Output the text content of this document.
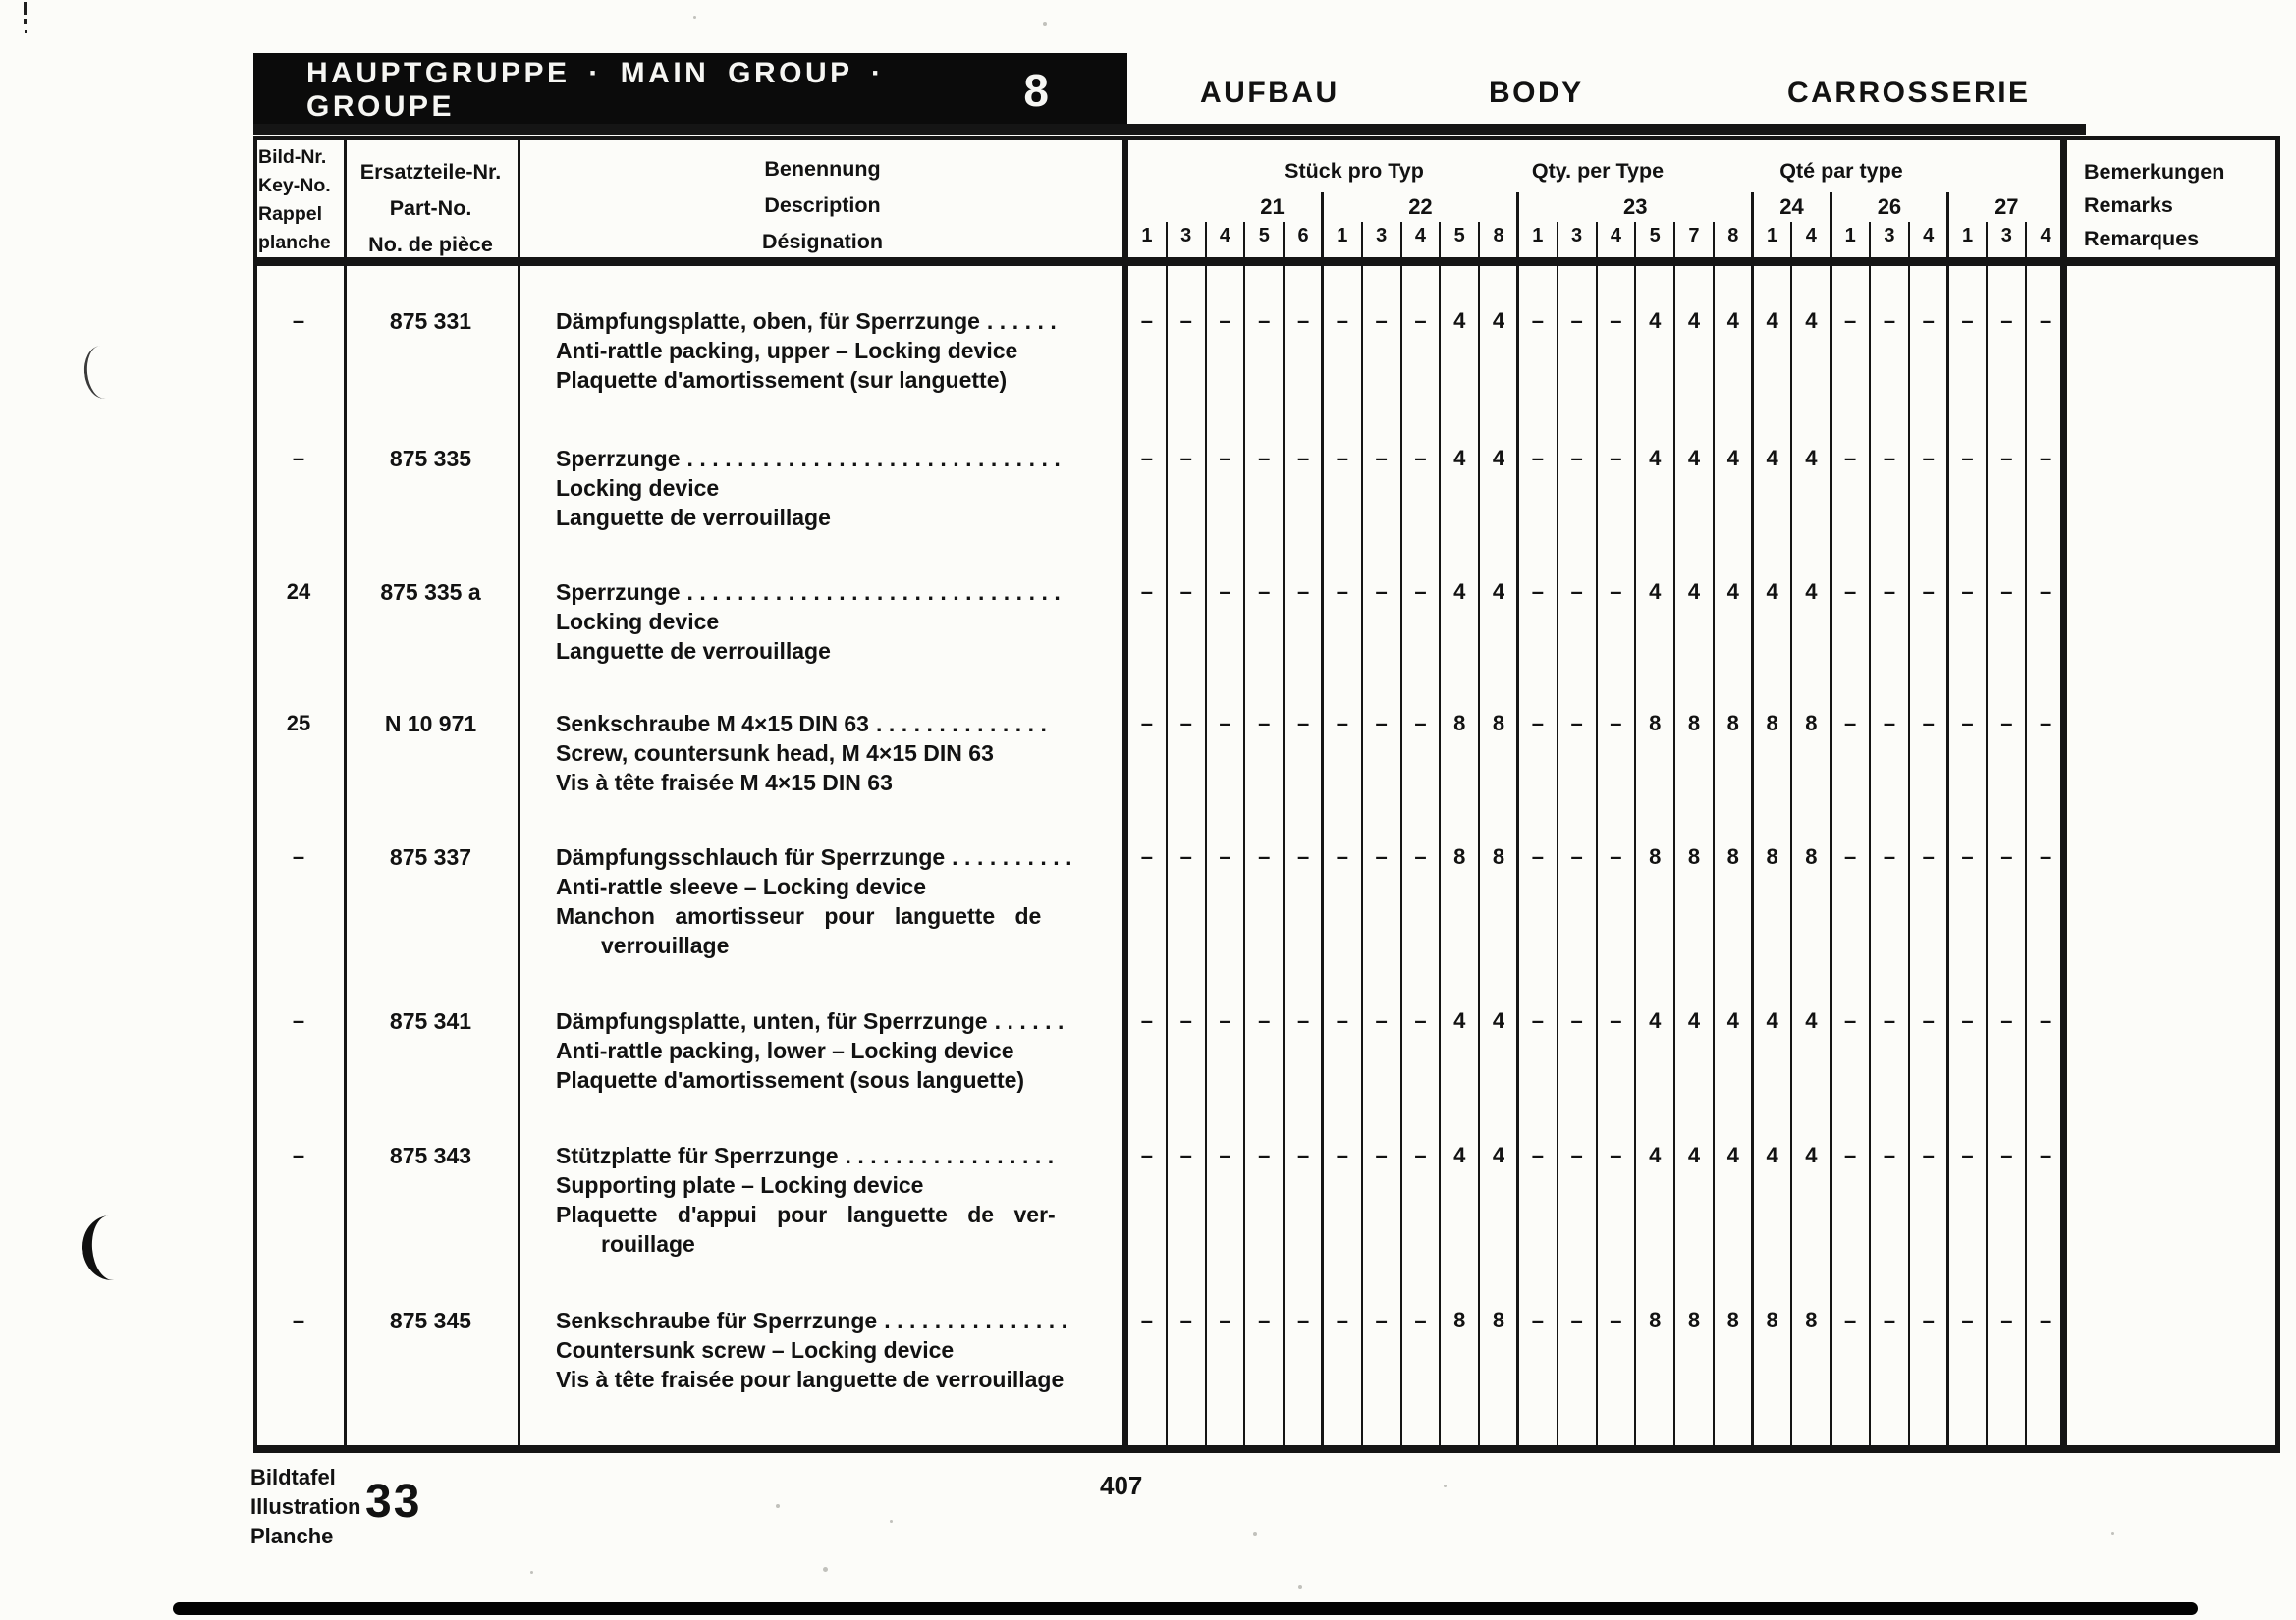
HAUPTGRUPPE · MAIN GROUP · GROUPE	8	AUFBAU	BODY	CARROSSERIE
Bild-Nr.
Key-No.
Rappel
planche
Ersatzteile-Nr.
Part-No.
No. de pièce
Benennung
Description
Désignation
Stück pro Typ	Qty. per Type	Qté par type	Bemerkungen
Remarks
Remarques
21
1 3 4 5 6
22
1 3 4 5 8
23
1 3 4 5 7 8
24
1 4
26
1 3 4
27
1 3 4
–	875 331	Dämpfungsplatte, oben, für Sperrzunge ......
Anti-rattle packing, upper – Locking device
Plaquette d'amortissement (sur languette)
– – – – – – – – 4 4 – – – 4 4 4 4 4 – – – – – –
–	875 335	Sperrzunge ..............................
Locking device
Languette de verrouillage
– – – – – – – – 4 4 – – – 4 4 4 4 4 – – – – – –
24	875 335 a	Sperrzunge ..............................
Locking device
Languette de verrouillage
– – – – – – – – 4 4 – – – 4 4 4 4 4 – – – – – –
25	N 10 971	Senkschraube M 4×15 DIN 63 ..............
Screw, countersunk head, M 4×15 DIN 63
Vis à tête fraisée M 4×15 DIN 63
– – – – – – – – 8 8 – – – 8 8 8 8 8 – – – – – –
–	875 337	Dämpfungsschlauch für Sperrzunge ..........
Anti-rattle sleeve – Locking device
Manchon amortisseur pour languette de
verrouillage
– – – – – – – – 8 8 – – – 8 8 8 8 8 – – – – – –
–	875 341	Dämpfungsplatte, unten, für Sperrzunge ......
Anti-rattle packing, lower – Locking device
Plaquette d'amortissement (sous languette)
– – – – – – – – 4 4 – – – 4 4 4 4 4 – – – – – –
–	875 343	Stützplatte für Sperrzunge .................
Supporting plate – Locking device
Plaquette d'appui pour languette de ver-
rouillage
– – – – – – – – 4 4 – – – 4 4 4 4 4 – – – – – –
–	875 345	Senkschraube für Sperrzunge ...............
Countersunk screw – Locking device
Vis à tête fraisée pour languette de verrouillage
– – – – – – – – 8 8 – – – 8 8 8 8 8 – – – – – –
Bildtafel
Illustration
Planche
33	407
